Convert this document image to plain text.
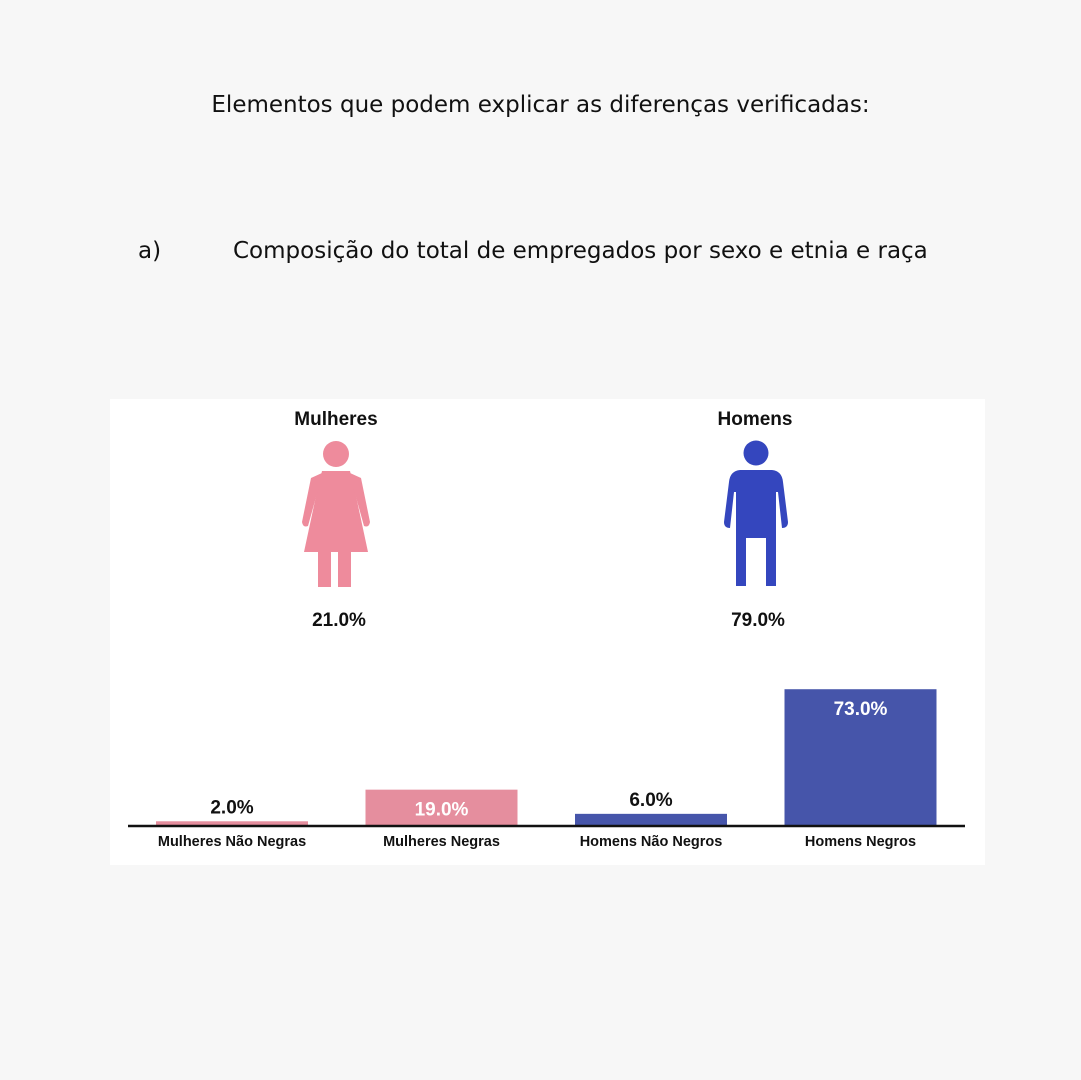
Elementos que podem explicar as diferenças verificadas:
a)	Composição do total de empregados por sexo e etnia e raça
Mulheres	Homens
21.0%	79.0%
2.0%
Mulheres Não Negras
19.0%
Mulheres Negras
6.0%
Homens Não Negros
73.0%
Homens Negros
